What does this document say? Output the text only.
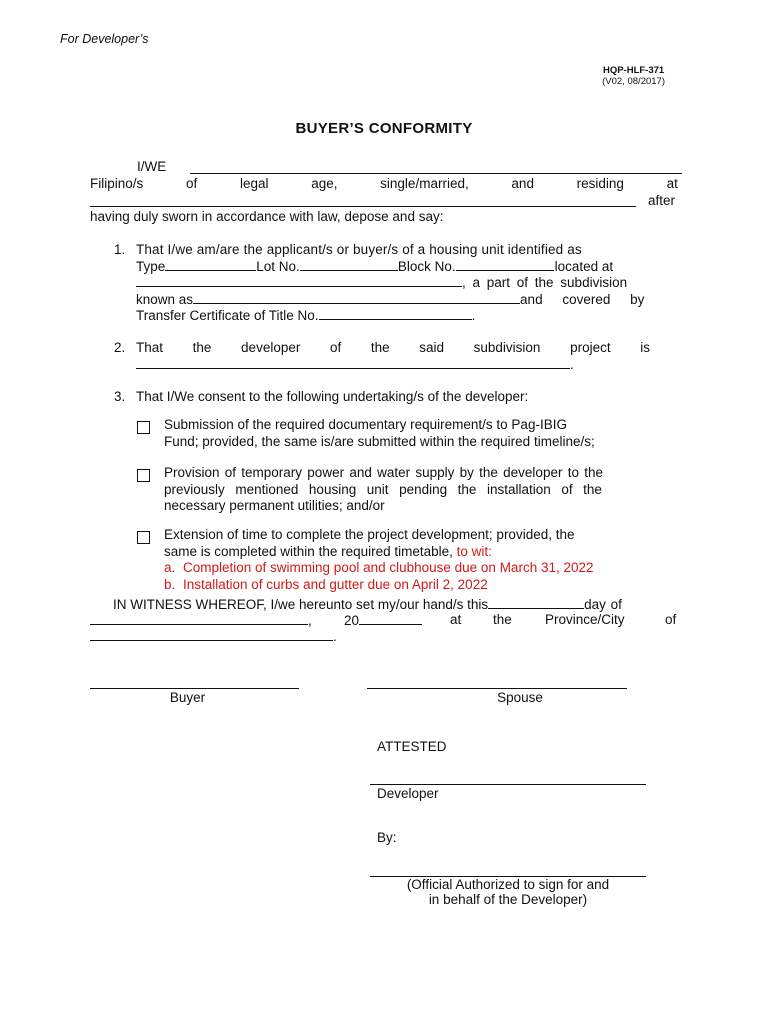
For Developer’s
HQP-HLF-371
(V02, 08/2017)
BUYER’S CONFORMITY
I/WE
Filipino/s	of	legal	age,	single/married,	and	residing	at
after
having duly sworn in accordance with law, depose and say:
1. That I/we am/are the applicant/s or buyer/s of a housing unit identified as
Type	Lot No.	Block No.	located at
, a part of the subdivision
known as	and covered by
Transfer Certificate of Title No.	.
2. That the developer of the said subdivision project is
.
3. That I/We consent to the following undertaking/s of the developer:
Submission of the required documentary requirement/s to Pag-IBIG
Fund; provided, the same is/are submitted within the required timeline/s;
Provision of temporary power and water supply by the developer to the
previously mentioned housing unit pending the installation of the
necessary permanent utilities; and/or
Extension of time to complete the project development; provided, the
same is completed within the required timetable, to wit:
a. Completion of swimming pool and clubhouse due on March 31, 2022
b. Installation of curbs and gutter due on April 2, 2022
IN WITNESS WHEREOF, I/we hereunto set my/our hand/s this	day of
, 20	at the Province/City	of
.
Buyer	Spouse
ATTESTED
Developer
By:
(Official Authorized to sign for and
in behalf of the Developer)
